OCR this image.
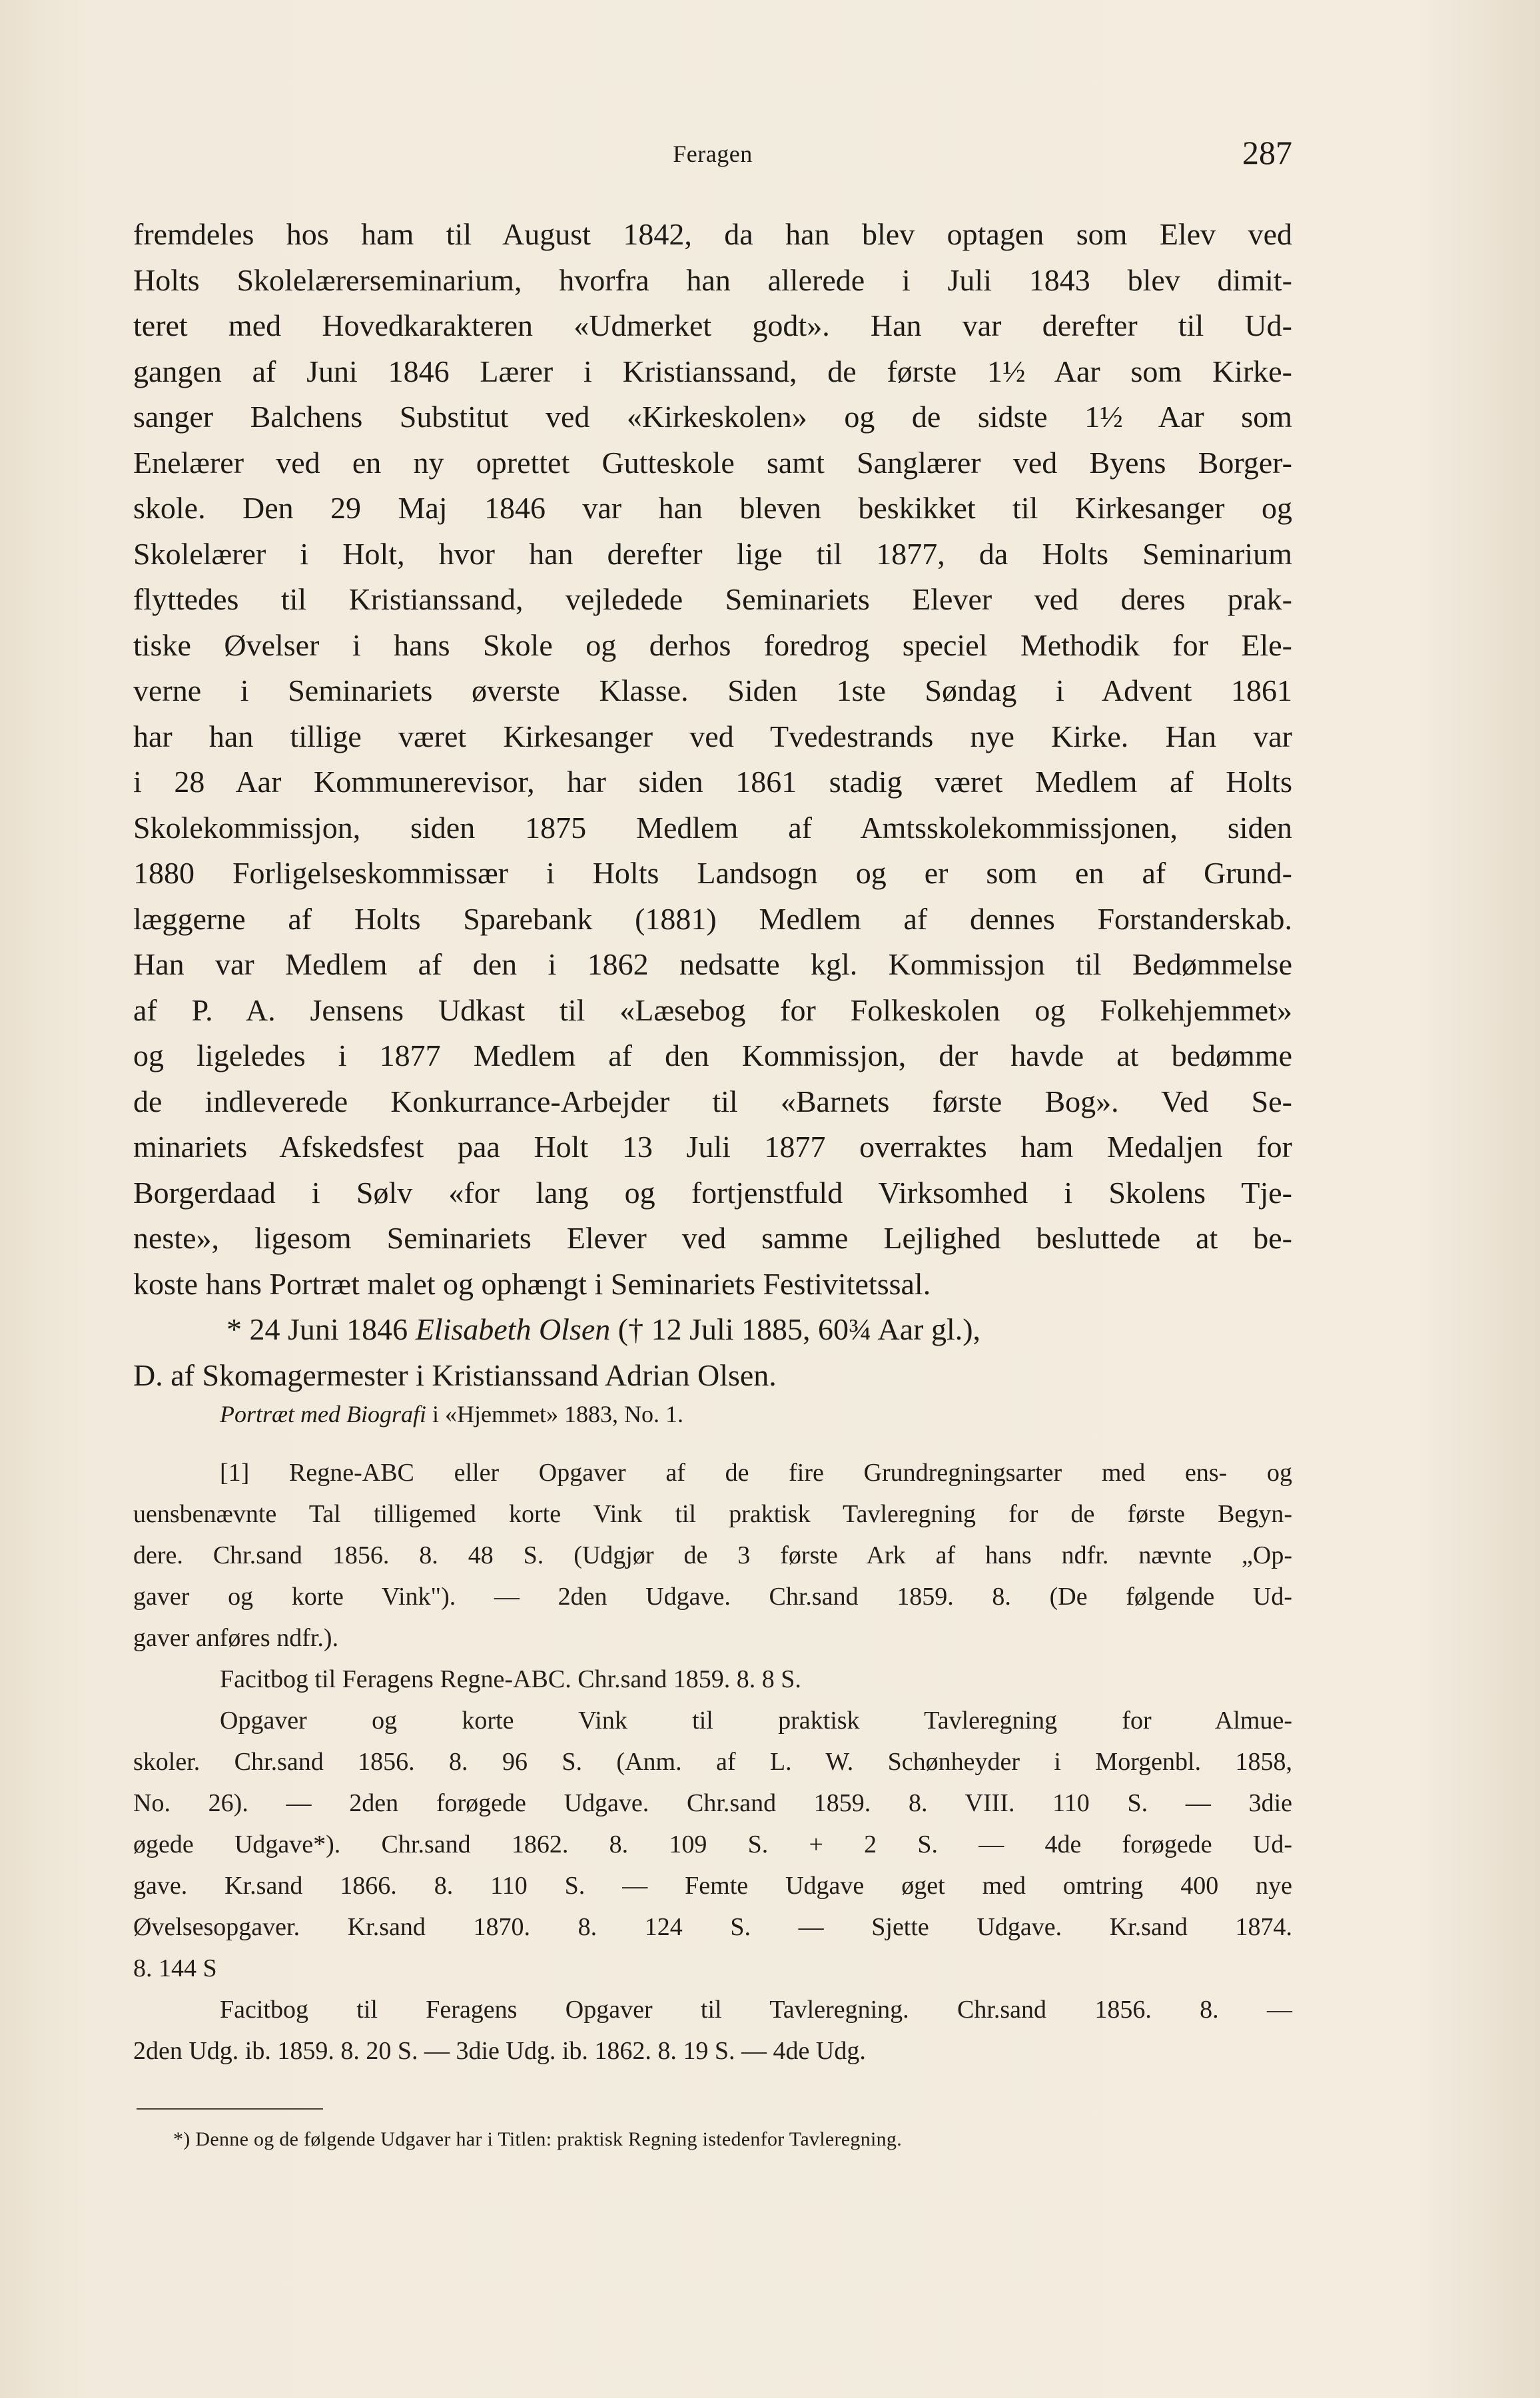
Feragen	287
fremdeles hos ham til August 1842, da han blev optagen som Elev ved
Holts Skolelærerseminarium, hvorfra han allerede i Juli 1843 blev dimit-
teret med Hovedkarakteren «Udmerket godt». Han var derefter til Ud-
gangen af Juni 1846 Lærer i Kristianssand, de første 1½ Aar som Kirke-
sanger Balchens Substitut ved «Kirkeskolen» og de sidste 1½ Aar som
Enelærer ved en ny oprettet Gutteskole samt Sanglærer ved Byens Borger-
skole. Den 29 Maj 1846 var han bleven beskikket til Kirkesanger og
Skolelærer i Holt, hvor han derefter lige til 1877, da Holts Seminarium
flyttedes til Kristianssand, vejledede Seminariets Elever ved deres prak-
tiske Øvelser i hans Skole og derhos foredrog speciel Methodik for Ele-
verne i Seminariets øverste Klasse. Siden 1ste Søndag i Advent 1861
har han tillige været Kirkesanger ved Tvedestrands nye Kirke. Han var
i 28 Aar Kommunerevisor, har siden 1861 stadig været Medlem af Holts
Skolekommissjon, siden 1875 Medlem af Amtsskolekommissjonen, siden
1880 Forligelseskommissær i Holts Landsogn og er som en af Grund-
læggerne af Holts Sparebank (1881) Medlem af dennes Forstanderskab.
Han var Medlem af den i 1862 nedsatte kgl. Kommissjon til Bedømmelse
af P. A. Jensens Udkast til «Læsebog for Folkeskolen og Folkehjemmet»
og ligeledes i 1877 Medlem af den Kommissjon, der havde at bedømme
de indleverede Konkurrance-Arbejder til «Barnets første Bog». Ved Se-
minariets Afskedsfest paa Holt 13 Juli 1877 overraktes ham Medaljen for
Borgerdaad i Sølv «for lang og fortjenstfuld Virksomhed i Skolens Tje-
neste», ligesom Seminariets Elever ved samme Lejlighed besluttede at be-
koste hans Portræt malet og ophængt i Seminariets Festivitetssal.
* 24 Juni 1846 Elisabeth Olsen († 12 Juli 1885, 60¾ Aar gl.),
D. af Skomagermester i Kristianssand Adrian Olsen.
Portræt med Biografi i «Hjemmet» 1883, No. 1.
[1] Regne-ABC eller Opgaver af de fire Grundregningsarter med ens- og
uensbenævnte Tal tilligemed korte Vink til praktisk Tavleregning for de første Begyn-
dere. Chr.sand 1856. 8. 48 S. (Udgjør de 3 første Ark af hans ndfr. nævnte „Op-
gaver og korte Vink"). — 2den Udgave. Chr.sand 1859. 8. (De følgende Ud-
gaver anføres ndfr.).
Facitbog til Feragens Regne-ABC. Chr.sand 1859. 8. 8 S.
Opgaver og korte Vink til praktisk Tavleregning for Almue-
skoler. Chr.sand 1856. 8. 96 S. (Anm. af L. W. Schønheyder i Morgenbl. 1858,
No. 26). — 2den forøgede Udgave. Chr.sand 1859. 8. VIII. 110 S. — 3die
øgede Udgave*). Chr.sand 1862. 8. 109 S. + 2 S. — 4de forøgede Ud-
gave. Kr.sand 1866. 8. 110 S. — Femte Udgave øget med omtring 400 nye
Øvelsesopgaver. Kr.sand 1870. 8. 124 S. — Sjette Udgave. Kr.sand 1874.
8. 144 S
Facitbog til Feragens Opgaver til Tavleregning. Chr.sand 1856. 8. —
2den Udg. ib. 1859. 8. 20 S. — 3die Udg. ib. 1862. 8. 19 S. — 4de Udg.
*) Denne og de følgende Udgaver har i Titlen: praktisk Regning istedenfor Tavleregning.
